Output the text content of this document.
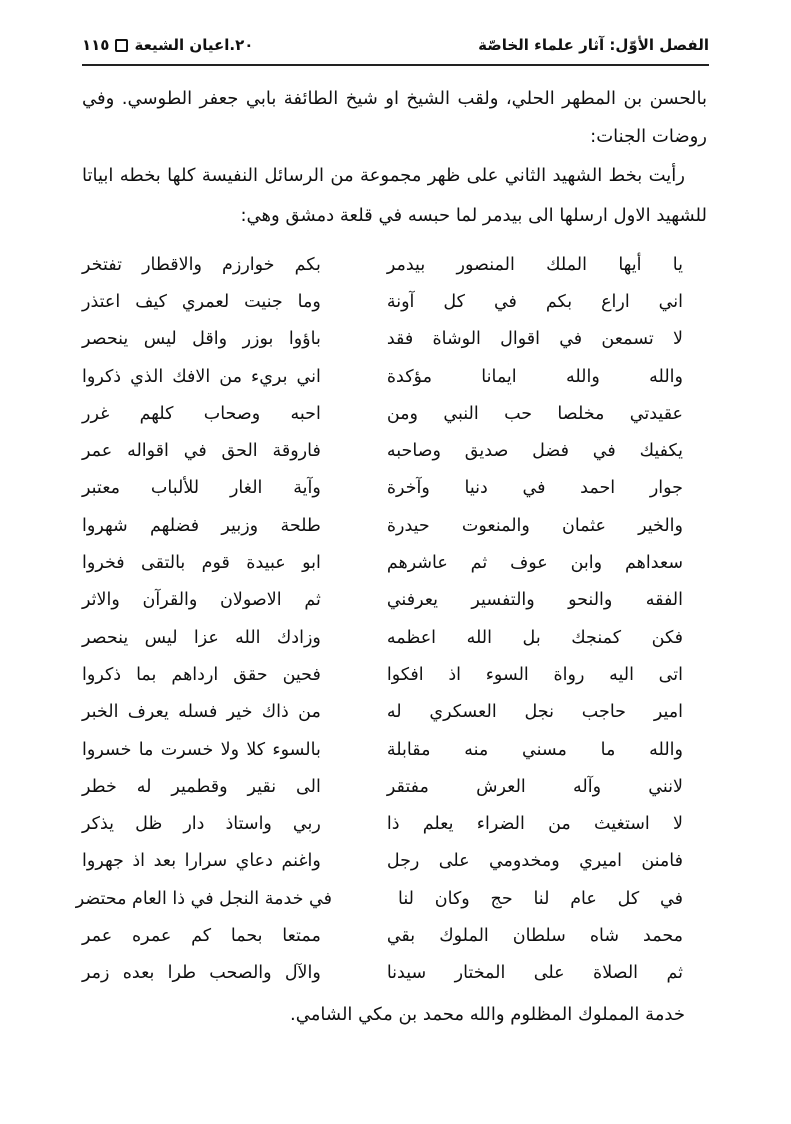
الفصل الأوّل: آثار علماء الخاصّة
٢٠.اعيان الشيعة
١١٥

بالحسن بن المطهر الحلي، ولقب الشيخ او شيخ الطائفة بابي جعفر الطوسي. وفي روضات الجنات:

رأيت بخط الشهيد الثاني على ظهر مجموعة من الرسائل النفيسة كلها بخطه ابياتا للشهيد الاول ارسلها الى بيدمر لما حبسه في قلعة دمشق وهي:

يا أيها الملك المنصور بيدمر
بكم خوارزم والاقطار تفتخر
اني اراع بكم في كل آونة
وما جنيت لعمري كيف اعتذر
لا تسمعن في اقوال الوشاة فقد
باؤوا بوزر واقل ليس ينحصر
والله والله ايمانا مؤكدة
اني بريء من الافك الذي ذكروا
عقيدتي مخلصا حب النبي ومن
احبه وصحاب كلهم غرر
يكفيك في فضل صديق وصاحبه
فاروقة الحق في اقواله عمر
جوار احمد في دنيا وآخرة
وآية الغار للألباب معتبر
والخير عثمان والمنعوت حيدرة
طلحة وزبير فضلهم شهروا
سعداهم وابن عوف ثم عاشرهم
ابو عبيدة قوم بالتقى فخروا
الفقه والنحو والتفسير يعرفني
ثم الاصولان والقرآن والاثر
فكن كمنجك بل الله اعظمه
وزادك الله عزا ليس ينحصر
اتى اليه رواة السوء اذ افكوا
فحين حقق ارداهم بما ذكروا
امير حاجب نجل العسكري له
من ذاك خير فسله يعرف الخبر
والله ما مسني منه مقابلة
بالسوء كلا ولا خسرت ما خسروا
لانني وآله العرش مفتقر
الى نقير وقطمير له خطر
لا استغيث من الضراء يعلم ذا
ربي واستاذ دار ظل يذكر
فامنن اميري ومخدومي على رجل
واغنم دعاي سرارا بعد اذ جهروا
في كل عام لنا حج وكان لنا
في خدمة النجل في ذا العام محتضر
محمد شاه سلطان الملوك بقي
ممتعا بحما كم عمره عمر
ثم الصلاة على المختار سيدنا
والآل والصحب طرا بعده زمر

خدمة المملوك المظلوم والله محمد بن مكي الشامي.
